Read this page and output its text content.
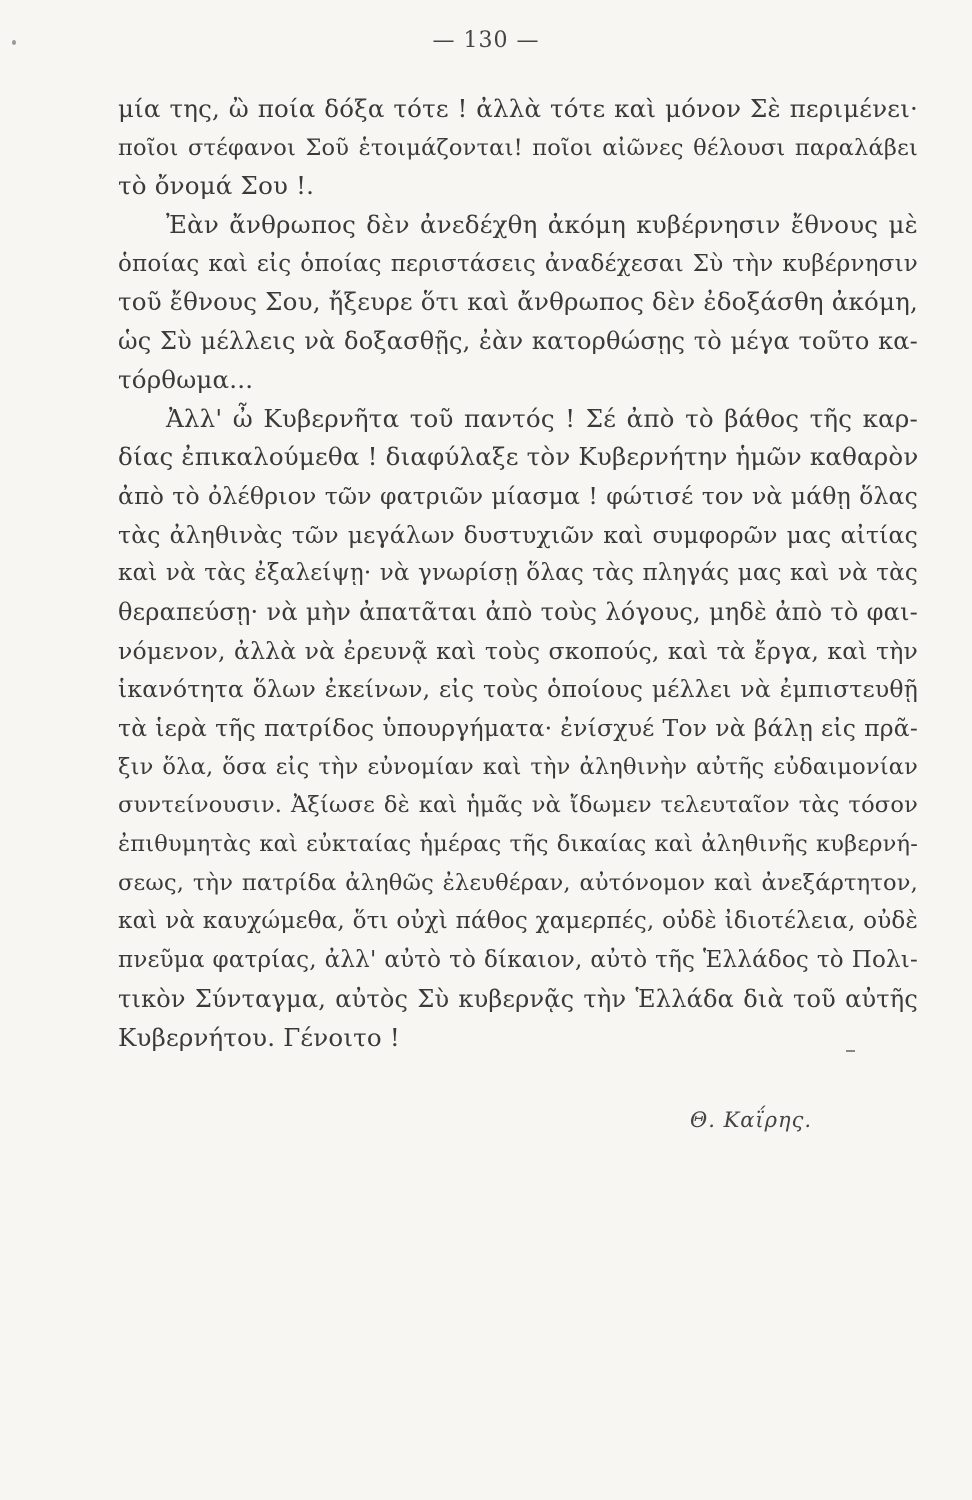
— 130 —
μία της, ὢ ποία δόξα τότε ! ἀλλὰ τότε καὶ μόνον Σὲ περιμένει·
ποῖοι στέφανοι Σοῦ ἑτοιμάζονται! ποῖοι αἰῶνες θέλουσι παραλάβει
τὸ ὄνομά Σου !.
Ἐὰν ἄνθρωπος δὲν ἀνεδέχθη ἀκόμη κυβέρνησιν ἔθνους μὲ
ὁποίας καὶ εἰς ὁποίας περιστάσεις ἀναδέχεσαι Σὺ τὴν κυβέρνησιν
τοῦ ἔθνους Σου, ἤξευρε ὅτι καὶ ἄνθρωπος δὲν ἐδοξάσθη ἀκόμη,
ὡς Σὺ μέλλεις νὰ δοξασθῇς, ἐὰν κατορθώσῃς τὸ μέγα τοῦτο κα-
τόρθωμα...
Ἀλλ' ὦ Κυβερνῆτα τοῦ παντός ! Σέ ἀπὸ τὸ βάθος τῆς καρ-
δίας ἐπικαλούμεθα ! διαφύλαξε τὸν Κυβερνήτην ἡμῶν καθαρὸν
ἀπὸ τὸ ὀλέθριον τῶν φατριῶν μίασμα ! φώτισέ τον νὰ μάθῃ ὅλας
τὰς ἀληθινὰς τῶν μεγάλων δυστυχιῶν καὶ συμφορῶν μας αἰτίας
καὶ νὰ τὰς ἐξαλείψῃ· νὰ γνωρίσῃ ὅλας τὰς πληγάς μας καὶ νὰ τὰς
θεραπεύσῃ· νὰ μὴν ἀπατᾶται ἀπὸ τοὺς λόγους, μηδὲ ἀπὸ τὸ φαι-
νόμενον, ἀλλὰ νὰ ἐρευνᾷ καὶ τοὺς σκοπούς, καὶ τὰ ἔργα, καὶ τὴν
ἱκανότητα ὅλων ἐκείνων, εἰς τοὺς ὁποίους μέλλει νὰ ἐμπιστευθῇ
τὰ ἱερὰ τῆς πατρίδος ὑπουργήματα· ἐνίσχυέ Τον νὰ βάλῃ εἰς πρᾶ-
ξιν ὅλα, ὅσα εἰς τὴν εὐνομίαν καὶ τὴν ἀληθινὴν αὐτῆς εὐδαιμονίαν
συντείνουσιν. Ἀξίωσε δὲ καὶ ἡμᾶς νὰ ἴδωμεν τελευταῖον τὰς τόσον
ἐπιθυμητὰς καὶ εὐκταίας ἡμέρας τῆς δικαίας καὶ ἀληθινῆς κυβερνή-
σεως, τὴν πατρίδα ἀληθῶς ἐλευθέραν, αὐτόνομον καὶ ἀνεξάρτητον,
καὶ νὰ καυχώμεθα, ὅτι οὐχὶ πάθος χαμερπές, οὐδὲ ἰδιοτέλεια, οὐδὲ
πνεῦμα φατρίας, ἀλλ' αὐτὸ τὸ δίκαιον, αὐτὸ τῆς Ἑλλάδος τὸ Πολι-
τικὸν Σύνταγμα, αὐτὸς Σὺ κυβερνᾷς τὴν Ἑλλάδα διὰ τοῦ αὐτῆς
Κυβερνήτου. Γένοιτο !
Θ. Καΐρης.
